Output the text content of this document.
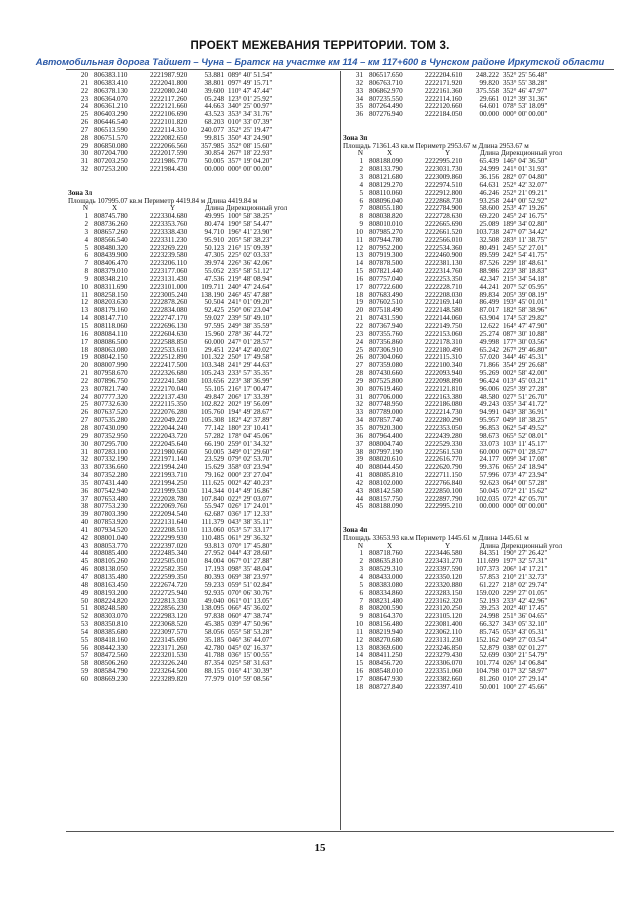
ПРОЕКТ МЕЖЕВАНИЯ ТЕРРИТОРИИ. ТОМ 3.
Автомобильная дорога Тайшет – Чуна – Братск на участке км 114 – км 117+600 в Чунском районе Иркутской области
20 806383.110	2221987.920	53.881 089° 40' 51.54"
21 806383.410	2222041.800	38.801 097° 49' 15.71"
22 806378.130	2222080.240	39.600 110° 47' 47.44"
23 806364.070	2222117.260	05.248 123° 01' 25.92"
24 806361.210	2222121.660	44.663 340° 25' 00.97"
25 806403.290	2222106.690	43.523 353° 34' 31.76"
26 806446.540	2222101.820	68.203 010° 33' 07.39"
27 806513.590	2222114.310	240.077 352° 25' 19.47"
28 806751.570	2222082.650	99.815 350° 43' 24.90"
29 806850.080	2222066.560	357.985 352° 08' 15.60"
30 807204.700	2222017.590	30.854 267° 18' 22.93"
31 807203.250	2221986.770	50.005 357° 19' 04.20"
32 807253.200	2221984.430	00.000 000° 00' 00.00"
Зона 3л
Площадь 107995.07 кв.м Периметр 4419.84 м Длина 4419.84 м
N	X	Y	Длина Дирекционный угол
1 808745.780	2223304.680	49.995 100° 58' 38.25"
2 808736.260	2223353.760	80.474 190° 58' 54.47"
3 808657.260	2223338.430	94.710 196° 41' 23.90"
4 808566.540	2223311.230	95.910 205° 58' 38.23"
5 808480.320	2223269.220	50.123 216° 15' 09.39"
6 808439.900	2223239.580	47.305 225° 02' 03.33"
7 808406.470	2223206.110	39.974 226° 36' 42.06"
8 808379.010	2223177.060	55.052 235° 58' 51.12"
9 808348.210	2223131.430	47.536 219° 48' 08.94"
10 808311.690	2223101.000	109.711 240° 47' 24.64"
11 808258.150	2223005.240	138.190 246° 45' 47.88"
12 808203.630	2222878.260	50.504 241° 01' 09.20"
13 808179.160	2222834.080	92.425 250° 06' 23.04"
14 808147.710	2222747.170	59.027 239° 50' 49.10"
15 808118.060	2222696.130	97.595 249° 38' 35.59"
16 808084.110	2222604.630	15.960 278° 36' 44.72"
17 808086.500	2222588.850	60.000 247° 01' 28.57"
18 808063.080	2222533.610	29.451 224° 42' 40.02"
19 808042.150	2222512.890	101.322 250° 17' 49.58"
20 808007.990	2222417.500	103.348 241° 29' 44.63"
21 807958.670	2222326.680	105.243 233° 57' 35.35"
22 807896.750	2222241.580	103.656 223° 38' 36.99"
23 807821.740	2222170.040	55.105 216° 17' 00.47"
24 807777.320	2222137.430	49.847 206° 17' 33.39"
25 807732.630	2222115.350	102.822 202° 19' 56.09"
26 807637.520	2222076.280	105.760 194° 49' 28.67"
27 807535.280	2222049.220	105.308 182° 42' 37.89"
28 807430.090	2222044.240	77.142 180° 23' 10.41"
29 807352.950	2222043.720	57.282 178° 04' 45.06"
30 807295.700	2222045.640	66.190 259° 01' 34.32"
31 807283.100	2221980.660	50.005 349° 01' 29.60"
32 807332.190	2221971.140	23.529 079° 02' 53.70"
33 807336.660	2221994.240	15.629 358° 03' 23.94"
34 807352.280	2221993.710	79.162 000° 23' 27.04"
35 807431.440	2221994.250	111.625 002° 42' 40.23"
36 807542.940	2221999.530	114.344 014° 49' 16.86"
37 807653.480	2222028.780	107.840 022° 29' 03.07"
38 807753.230	2222069.760	55.947 026° 17' 24.01"
39 807803.390	2222094.540	62.687 036° 17' 12.33"
40 807853.920	2222131.640	111.379 043° 38' 35.11"
41 807934.520	2222208.510	113.060 053° 57' 33.17"
42 808001.040	2222299.930	110.485 061° 29' 36.32"
43 808053.770	2222397.020	93.813 070° 17' 45.80"
44 808085.400	2222485.340	27.952 044° 43' 28.60"
45 808105.260	2222505.010	84.004 067° 01' 27.88"
46 808138.050	2222582.350	17.193 098° 35' 48.04"
47 808135.480	2222599.350	80.393 069° 38' 23.97"
48 808163.450	2222674.720	59.233 059° 51' 02.84"
49 808193.200	2222725.940	92.935 070° 06' 30.76"
50 808224.820	2222813.330	49.040 061° 01' 13.05"
51 808248.580	2222856.230	138.095 066° 45' 36.02"
52 808303.070	2222983.120	97.838 060° 47' 38.74"
53 808350.810	2223068.520	45.385 039° 47' 50.96"
54 808385.680	2223097.570	58.056 055° 58' 53.28"
55 808418.160	2223145.690	35.185 046° 36' 44.07"
56 808442.330	2223171.260	42.780 045° 02' 16.37"
57 808472.560	2223201.530	41.788 036° 15' 00.55"
58 808506.260	2223226.240	87.354 025° 58' 31.63"
59 808584.790	2223264.500	88.155 016° 41' 30.39"
60 808669.230	2223289.820	77.979 010° 59' 08.56"
31 806517.650	2222204.610	248.222 352° 25' 56.48"
32 806763.710	2222171.920	99.820 353° 55' 38.28"
33 806862.970	2222161.360	375.558 352° 46' 47.97"
34 807235.550	2222114.160	29.661 012° 39' 31.36"
35 807264.490	2222120.660	64.601 078° 53' 18.09"
36 807276.940	2222184.050	00.000 000° 00' 00.00"
Зона 3п
Площадь 71361.43 кв.м Периметр 2953.67 м Длина 2953.67 м
N	X	Y	Длина Дирекционный угол
1 808188.090	2222995.210	65.439 146° 04' 36.50"
2 808133.790	2223031.730	24.999 241° 01' 31.93"
3 808121.680	2223009.860	36.156 282° 07' 04.80"
4 808129.270	2222974.510	64.631 252° 42' 32.07"
5 808110.060	2222912.800	46.246 252° 21' 09.21"
6 808096.040	2222868.730	93.258 244° 00' 52.92"
7 808055.180	2222784.900	58.600 253° 47' 19.26"
8 808038.820	2222728.630	69.220 245° 24' 16.75"
9 808010.010	2222665.690	25.089 189° 34' 02.80"
10 807985.270	2222661.520	103.738 247° 07' 34.42"
11 807944.780	2222566.010	32.508 283° 11' 38.75"
12 807952.200	2222534.360	80.491 245° 52' 27.01"
13 807919.300	2222460.900	89.599 242° 54' 41.75"
14 807878.500	2222381.130	87.526 229° 18' 48.61"
15 807821.440	2222314.760	88.986 223° 38' 18.83"
16 807757.040	2222253.350	42.347 215° 34' 54.18"
17 807722.600	2222228.710	44.241 207° 52' 05.95"
18 807683.490	2222208.030	89.834 205° 39' 08.19"
19 807602.510	2222169.140	86.499 193° 45' 01.01"
20 807518.490	2222148.580	87.017 182° 58' 38.96"
21 807431.590	2222144.060	63.904 174° 53' 29.82"
22 807367.940	2222149.750	12.622 164° 47' 47.90"
23 807355.760	2222153.060	25.274 087° 30' 10.88"
24 807356.860	2222178.310	49.998 177° 30' 03.56"
25 807306.910	2222180.490	65.242 267° 29' 46.80"
26 807304.060	2222115.310	57.020 344° 46' 45.31"
27 807359.080	2222100.340	71.866 354° 29' 26.68"
28 807430.660	2222093.940	95.269 002° 58' 42.00"
29 807525.800	2222098.890	96.424 013° 45' 03.21"
30 807619.460	2222121.810	96.006 025° 39' 27.28"
31 807706.000	2222163.380	48.580 027° 51' 26.70"
32 807748.950	2222186.080	49.243 035° 34' 41.72"
33 807789.000	2222214.730	94.991 043° 38' 36.91"
34 807857.740	2222280.290	95.957 049° 18' 38.25"
35 807920.300	2222353.050	96.853 062° 54' 49.52"
36 807964.400	2222439.280	98.673 065° 52' 08.01"
37 808004.740	2222529.330	33.073 103° 11' 45.17"
38 807997.190	2222561.530	60.000 067° 01' 28.57"
39 808020.610	2222616.770	24.177 009° 34' 17.08"
40 808044.450	2222620.790	99.376 065° 24' 18.94"
41 808085.810	2222711.150	57.996 073° 47' 23.94"
42 808102.000	2222766.840	92.623 064° 00' 57.28"
43 808142.580	2222850.100	50.045 072° 21' 15.62"
44 808157.750	2222897.790	102.035 072° 42' 05.70"
45 808188.090	2222995.210	00.000 000° 00' 00.00"
Зона 4п
Площадь 33653.93 кв.м Периметр 1445.61 м Длина 1445.61 м
N	X	Y	Длина Дирекционный угол
1 808718.760	2223446.580	84.351 190° 27' 26.42"
2 808635.810	2223431.270	111.699 197° 32' 57.31"
3 808529.310	2223397.590	107.373 206° 14' 17.21"
4 808433.000	2223350.120	57.853 210° 21' 32.73"
5 808383.080	2223320.880	61.227 218° 02' 29.74"
6 808334.860	2223283.150	159.020 229° 27' 01.05"
7 808231.480	2223162.320	52.193 233° 42' 42.96"
8 808200.590	2223120.250	39.253 202° 40' 17.45"
9 808164.370	2223105.120	24.998 251° 36' 04.65"
10 808156.480	2223081.400	66.327 343° 05' 32.10"
11 808219.940	2223062.110	85.745 053° 43' 05.31"
12 808270.680	2223131.230	152.162 049° 27' 03.54"
13 808369.600	2223246.850	52.879 038° 02' 01.27"
14 808411.250	2223279.430	52.699 030° 21' 54.79"
15 808456.720	2223306.070	101.774 026° 14' 06.84"
16 808548.010	2223351.060	104.798 017° 32' 58.97"
17 808647.930	2223382.660	81.260 010° 27' 29.14"
18 808727.840	2223397.410	50.001 100° 27' 45.66"
15
